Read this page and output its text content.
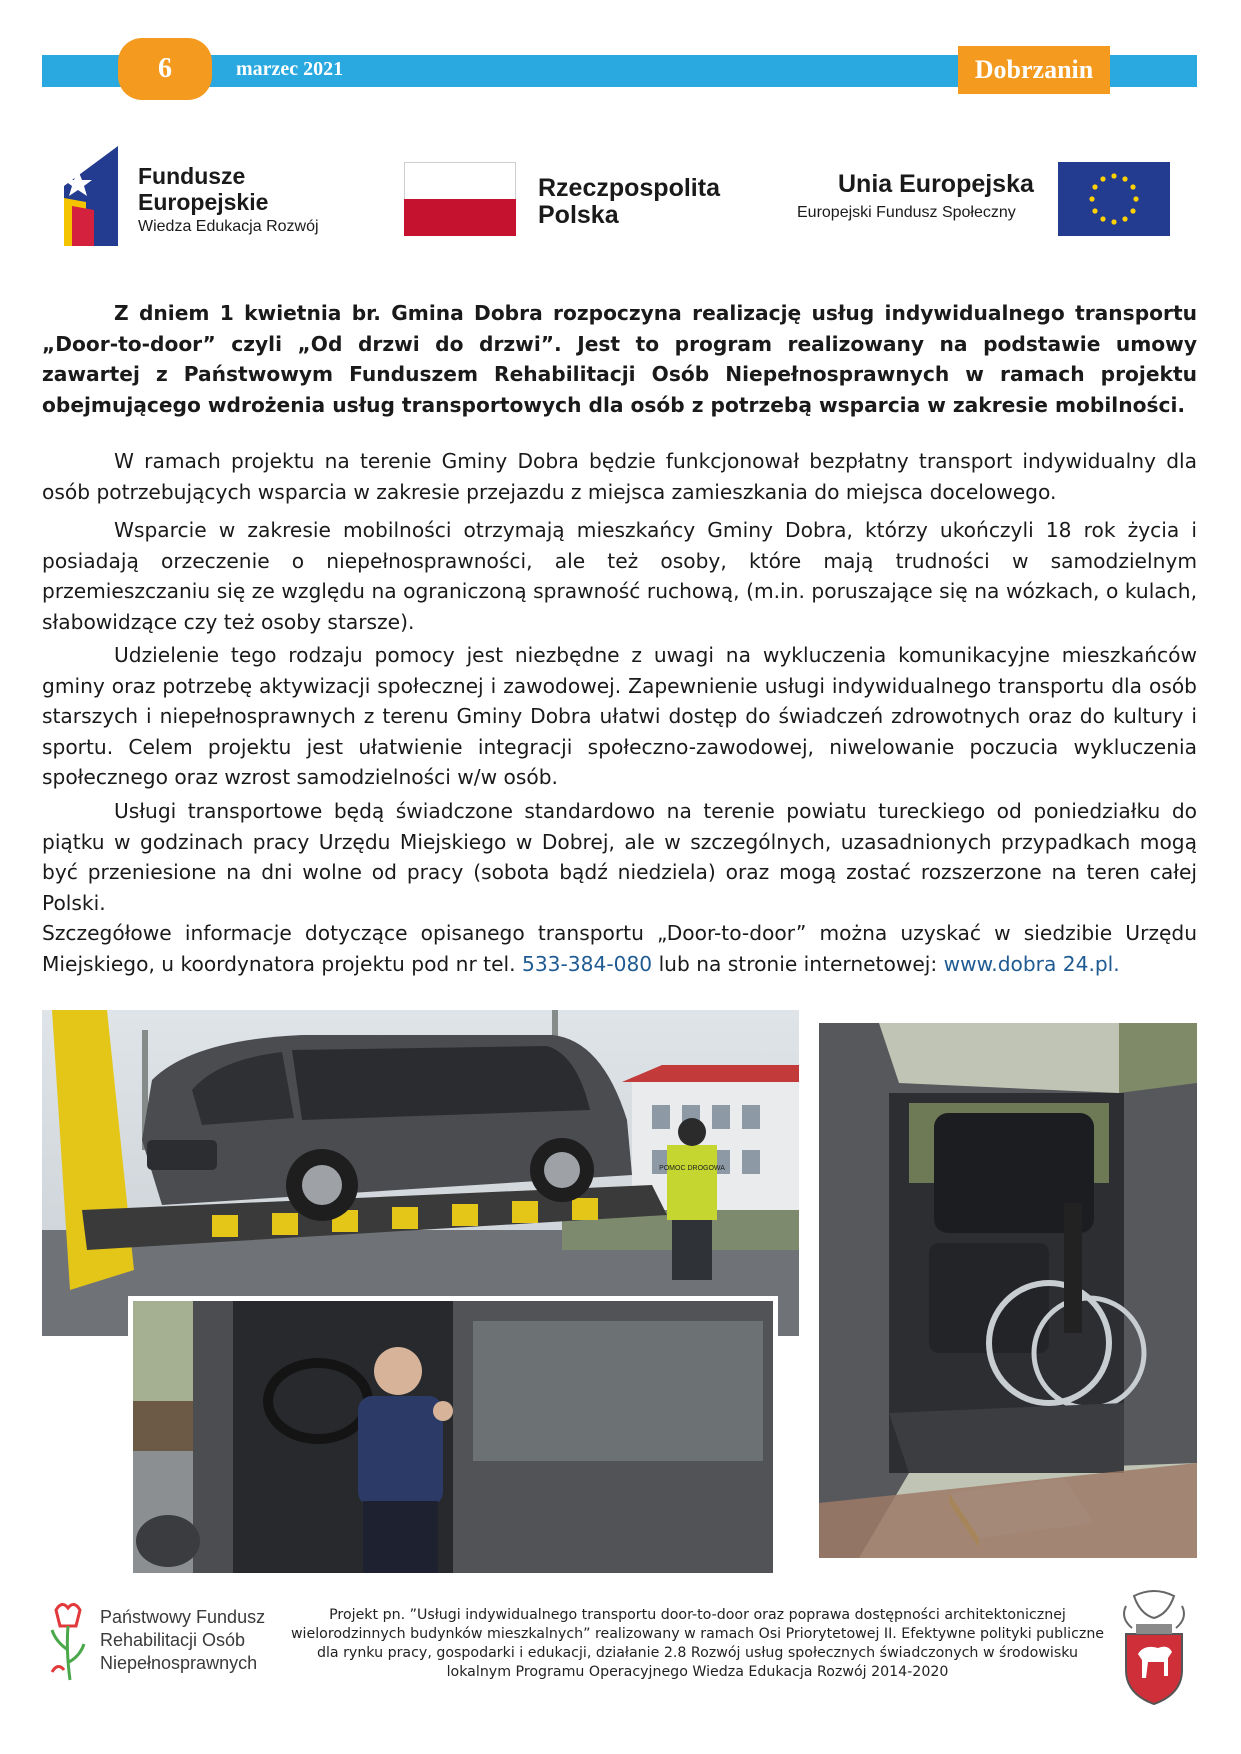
6	marzec 2021	Dobrzanin
Fundusze
Europejskie
Wiedza Edukacja Rozwój
Rzeczpospolita
Polska
Unia Europejska
Europejski Fundusz Społeczny

Z dniem 1 kwietnia br. Gmina Dobra rozpoczyna realizację usług indywidualnego transportu „Door-to-door” czyli „Od drzwi do drzwi”. Jest to program realizowany na podstawie umowy zawartej z Państwowym Funduszem Rehabilitacji Osób Niepełnosprawnych w ramach projektu obejmującego wdrożenia usług transportowych dla osób z potrzebą wsparcia w zakresie mobilności.

W ramach projektu na terenie Gminy Dobra będzie funkcjonował bezpłatny transport indywidualny dla osób potrzebujących wsparcia w zakresie przejazdu z miejsca zamieszkania do miejsca docelowego.

Wsparcie w zakresie mobilności otrzymają mieszkańcy Gminy Dobra, którzy ukończyli 18 rok życia i posiadają orzeczenie o niepełnosprawności, ale też osoby, które mają trudności w samodzielnym przemieszczaniu się ze względu na ograniczoną sprawność ruchową, (m.in. poruszające się na wózkach, o kulach, słabowidzące czy też osoby starsze).

Udzielenie tego rodzaju pomocy jest niezbędne z uwagi na wykluczenia komunikacyjne mieszkańców gminy oraz potrzebę aktywizacji społecznej i zawodowej. Zapewnienie usługi indywidualnego transportu dla osób starszych i niepełnosprawnych z terenu Gminy Dobra ułatwi dostęp do świadczeń zdrowotnych oraz do kultury i sportu. Celem projektu jest ułatwienie integracji społeczno-zawodowej, niwelowanie poczucia wykluczenia społecznego oraz wzrost samodzielności w/w osób.

Usługi transportowe będą świadczone standardowo na terenie powiatu tureckiego od poniedziałku do piątku w godzinach pracy Urzędu Miejskiego w Dobrej, ale w szczególnych, uzasadnionych przypadkach mogą być przeniesione na dni wolne od pracy (sobota bądź niedziela) oraz mogą zostać rozszerzone na teren całej Polski.

Szczegółowe informacje dotyczące opisanego transportu „Door-to-door” można uzyskać w siedzibie Urzędu Miejskiego, u koordynatora projektu pod nr tel. 533-384-080 lub na stronie internetowej: www.dobra 24.pl.

POMOC DROGOWA
Państwowy Fundusz
Rehabilitacji Osób
Niepełnosprawnych
Projekt pn. ”Usługi indywidualnego transportu door-to-door oraz poprawa dostępności architektonicznej wielorodzinnych budynków mieszkalnych” realizowany w ramach Osi Priorytetowej II. Efektywne polityki publiczne dla rynku pracy, gospodarki i edukacji, działanie 2.8 Rozwój usług społecznych świadczonych w środowisku lokalnym Programu Operacyjnego Wiedza Edukacja Rozwój 2014-2020
